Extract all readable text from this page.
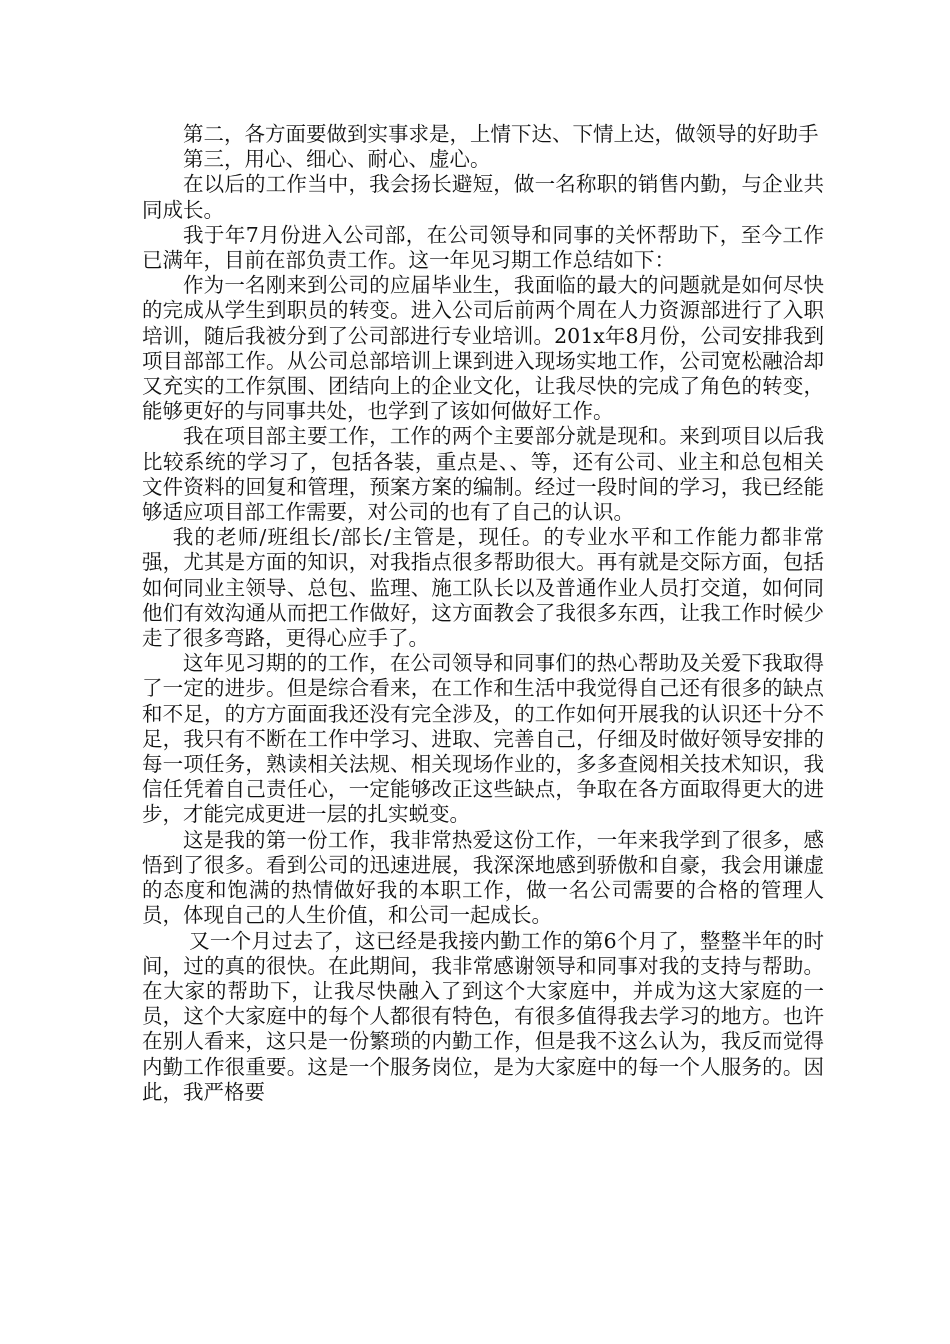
第二，各方面要做到实事求是，上情下达、下情上达，做领导的好助手

第三，用心、细心、耐心、虚心。

在以后的工作当中，我会扬长避短，做一名称职的销售内勤，与企业共同成长。

我于年7月份进入公司部，在公司领导和同事的关怀帮助下，至今工作已满年，目前在部负责工作。这一年见习期工作总结如下：

作为一名刚来到公司的应届毕业生，我面临的最大的问题就是如何尽快的完成从学生到职员的转变。进入公司后前两个周在人力资源部进行了入职培训，随后我被分到了公司部进行专业培训。201x年8月份，公司安排我到项目部部工作。从公司总部培训上课到进入现场实地工作，公司宽松融洽却又充实的工作氛围、团结向上的企业文化，让我尽快的完成了角色的转变，能够更好的与同事共处，也学到了该如何做好工作。

我在项目部主要工作，工作的两个主要部分就是现和。来到项目以后我比较系统的学习了，包括各装，重点是、、等，还有公司、业主和总包相关文件资料的回复和管理，预案方案的编制。经过一段时间的学习，我已经能够适应项目部工作需要，对公司的也有了自己的认识。

我的老师/班组长/部长/主管是，现任。的专业水平和工作能力都非常强，尤其是方面的知识，对我指点很多帮助很大。再有就是交际方面，包括如何同业主领导、总包、监理、施工队长以及普通作业人员打交道，如何同他们有效沟通从而把工作做好，这方面教会了我很多东西，让我工作时候少走了很多弯路，更得心应手了。

这年见习期的的工作，在公司领导和同事们的热心帮助及关爱下我取得了一定的进步。但是综合看来，在工作和生活中我觉得自己还有很多的缺点和不足，的方方面面我还没有完全涉及，的工作如何开展我的认识还十分不足，我只有不断在工作中学习、进取、完善自己，仔细及时做好领导安排的每一项任务，熟读相关法规、相关现场作业的，多多查阅相关技术知识，我信任凭着自己责任心，一定能够改正这些缺点，争取在各方面取得更大的进步，才能完成更进一层的扎实蜕变。

这是我的第一份工作，我非常热爱这份工作，一年来我学到了很多，感悟到了很多。看到公司的迅速进展，我深深地感到骄傲和自豪，我会用谦虚的态度和饱满的热情做好我的本职工作，做一名公司需要的合格的管理人员，体现自己的人生价值，和公司一起成长。

又一个月过去了，这已经是我接内勤工作的第6个月了，整整半年的时间，过的真的很快。在此期间，我非常感谢领导和同事对我的支持与帮助。在大家的帮助下，让我尽快融入了到这个大家庭中，并成为这大家庭的一员，这个大家庭中的每个人都很有特色，有很多值得我去学习的地方。也许在别人看来，这只是一份繁琐的内勤工作，但是我不这么认为，我反而觉得内勤工作很重要。这是一个服务岗位，是为大家庭中的每一个人服务的。因此，我严格要
